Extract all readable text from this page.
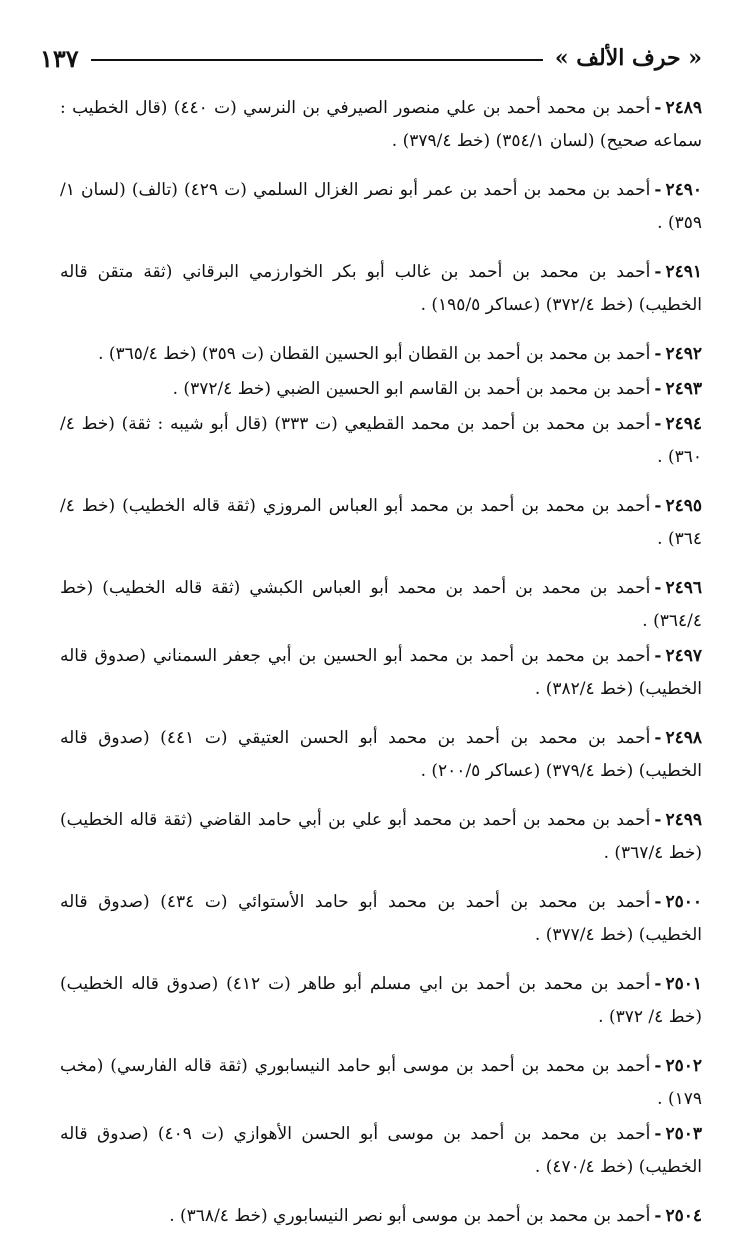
١٣٧	« حرف الألف »

٢٤٨٩-أحمد بن محمد أحمد بن علي منصور الصيرفي بن النرسي (ت ٤٤٠) (قال الخطيب : سماعه صحيح) (لسان ٣٥٤/١) (خط ٣٧٩/٤) .

٢٤٩٠-أحمد بن محمد بن أحمد بن عمر أبو نصر الغزال السلمي (ت ٤٢٩) (تالف) (لسان ١/ ٣٥٩) .

٢٤٩١-أحمد بن محمد بن أحمد بن غالب أبو بكر الخوارزمي البرقاني (ثقة متقن قاله الخطيب) (خط ٣٧٢/٤) (عساكر ١٩٥/٥) .

٢٤٩٢-أحمد بن محمد بن أحمد بن القطان أبو الحسين القطان (ت ٣٥٩) (خط ٣٦٥/٤) .

٢٤٩٣-أحمد بن محمد بن أحمد بن القاسم ابو الحسين الضبي (خط ٣٧٢/٤) .

٢٤٩٤-أحمد بن محمد بن أحمد بن محمد القطيعي (ت ٣٣٣) (قال أبو شيبه : ثقة) (خط ٤/ ٣٦٠) .

٢٤٩٥-أحمد بن محمد بن أحمد بن محمد أبو العباس المروزي (ثقة قاله الخطيب) (خط ٤/ ٣٦٤) .

٢٤٩٦-أحمد بن محمد بن أحمد بن محمد أبو العباس الكبشي (ثقة قاله الخطيب) (خط ٣٦٤/٤) .

٢٤٩٧-أحمد بن محمد بن أحمد بن محمد أبو الحسين بن أبي جعفر السمناني (صدوق قاله الخطيب) (خط ٣٨٢/٤) .

٢٤٩٨-أحمد بن محمد بن أحمد بن محمد أبو الحسن العتيقي (ت ٤٤١) (صدوق قاله الخطيب) (خط ٣٧٩/٤) (عساكر ٢٠٠/٥) .

٢٤٩٩-أحمد بن محمد بن أحمد بن محمد أبو علي بن أبي حامد القاضي (ثقة قاله الخطيب) (خط ٣٦٧/٤) .

٢٥٠٠-أحمد بن محمد بن أحمد بن محمد أبو حامد الأستوائي (ت ٤٣٤) (صدوق قاله الخطيب) (خط ٣٧٧/٤) .

٢٥٠١-أحمد بن محمد بن أحمد بن ابي مسلم أبو طاهر (ت ٤١٢) (صدوق قاله الخطيب) (خط ٤/ ٣٧٢) .

٢٥٠٢-أحمد بن محمد بن أحمد بن موسى أبو حامد النيسابوري (ثقة قاله الفارسي) (مخب ١٧٩) .

٢٥٠٣-أحمد بن محمد بن أحمد بن موسى أبو الحسن الأهوازي (ت ٤٠٩) (صدوق قاله الخطيب) (خط ٤٧٠/٤) .

٢٥٠٤-أحمد بن محمد بن أحمد بن موسى أبو نصر النيسابوري (خط ٣٦٨/٤) .
